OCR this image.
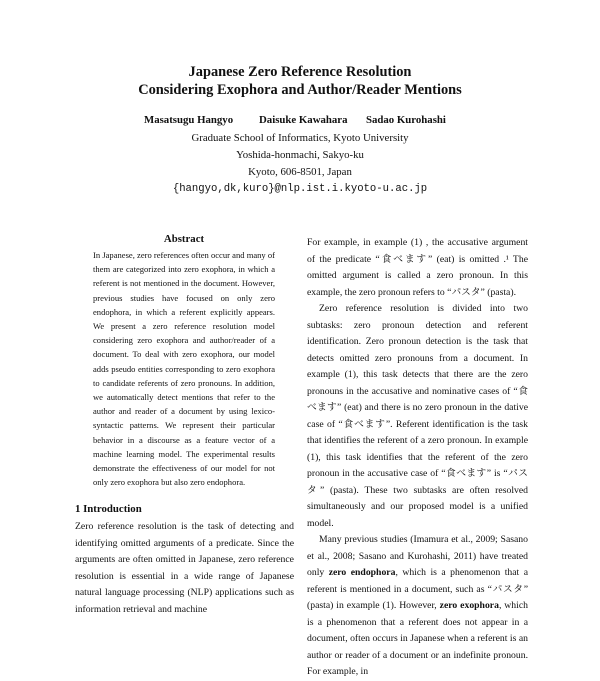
Japanese Zero Reference Resolution
Considering Exophora and Author/Reader Mentions
Masatsugu Hangyo Daisuke Kawahara Sadao Kurohashi
Graduate School of Informatics, Kyoto University
Yoshida-honmachi, Sakyo-ku
Kyoto, 606-8501, Japan
{hangyo,dk,kuro}@nlp.ist.i.kyoto-u.ac.jp
Abstract
In Japanese, zero references often occur and many of them are categorized into zero exophora, in which a referent is not mentioned in the document. However, previous studies have focused on only zero endophora, in which a referent explicitly appears. We present a zero reference resolution model considering zero exophora and author/reader of a document. To deal with zero exophora, our model adds pseudo entities corresponding to zero exophora to candidate referents of zero pronouns. In addition, we automatically detect mentions that refer to the author and reader of a document by using lexico-syntactic patterns. We represent their particular behavior in a discourse as a feature vector of a machine learning model. The experimental results demonstrate the effectiveness of our model for not only zero exophora but also zero endophora.
1 Introduction
Zero reference resolution is the task of detecting and identifying omitted arguments of a predicate. Since the arguments are often omitted in Japanese, zero reference resolution is essential in a wide range of Japanese natural language processing (NLP) applications such as information retrieval and machine

For example, in example (1) , the accusative argument of the predicate “食べます” (eat) is omitted .¹ The omitted argument is called a zero pronoun. In this example, the zero pronoun refers to “パスタ” (pasta).

Zero reference resolution is divided into two subtasks: zero pronoun detection and referent identification. Zero pronoun detection is the task that detects omitted zero pronouns from a document. In example (1), this task detects that there are the zero pronouns in the accusative and nominative cases of “食べます” (eat) and there is no zero pronoun in the dative case of “食べます”. Referent identification is the task that identifies the referent of a zero pronoun. In example (1), this task identifies that the referent of the zero pronoun in the accusative case of “食べます” is “パスタ” (pasta). These two subtasks are often resolved simultaneously and our proposed model is a unified model.

Many previous studies (Imamura et al., 2009; Sasano et al., 2008; Sasano and Kurohashi, 2011) have treated only zero endophora, which is a phenomenon that a referent is mentioned in a document, such as “パスタ” (pasta) in example (1). However, zero exophora, which is a phenomenon that a referent does not appear in a document, often occurs in Japanese when a referent is an author or reader of a document or an indefinite pronoun. For example, in
